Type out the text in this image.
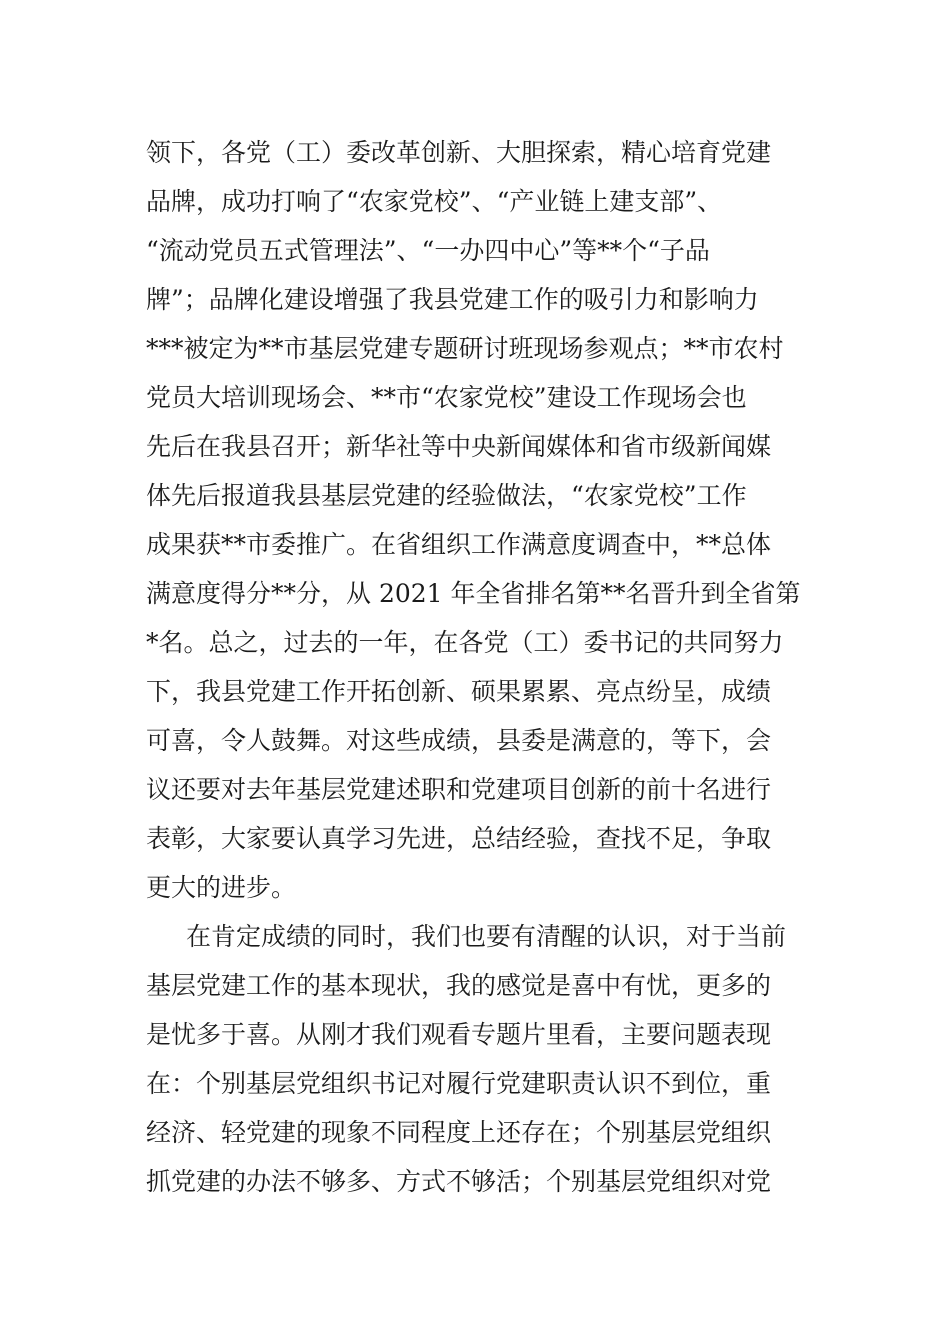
领下，各党（工）委改革创新、大胆探索，精心培育党建
品牌，成功打响了“农家党校”、“产业链上建支部”、
“流动党员五式管理法”、“一办四中心”等**个“子品
牌”；品牌化建设增强了我县党建工作的吸引力和影响力
***被定为**市基层党建专题研讨班现场参观点；**市农村
党员大培训现场会、**市“农家党校”建设工作现场会也
先后在我县召开；新华社等中央新闻媒体和省市级新闻媒
体先后报道我县基层党建的经验做法，“农家党校”工作
成果获**市委推广。在省组织工作满意度调查中，**总体
满意度得分**分，从 2021 年全省排名第**名晋升到全省第
*名。总之，过去的一年，在各党（工）委书记的共同努力
下，我县党建工作开拓创新、硕果累累、亮点纷呈，成绩
可喜，令人鼓舞。对这些成绩，县委是满意的，等下，会
议还要对去年基层党建述职和党建项目创新的前十名进行
表彰，大家要认真学习先进，总结经验，查找不足，争取
更大的进步。
在肯定成绩的同时，我们也要有清醒的认识，对于当前
基层党建工作的基本现状，我的感觉是喜中有忧，更多的
是忧多于喜。从刚才我们观看专题片里看，主要问题表现
在：个别基层党组织书记对履行党建职责认识不到位，重
经济、轻党建的现象不同程度上还存在；个别基层党组织
抓党建的办法不够多、方式不够活；个别基层党组织对党
